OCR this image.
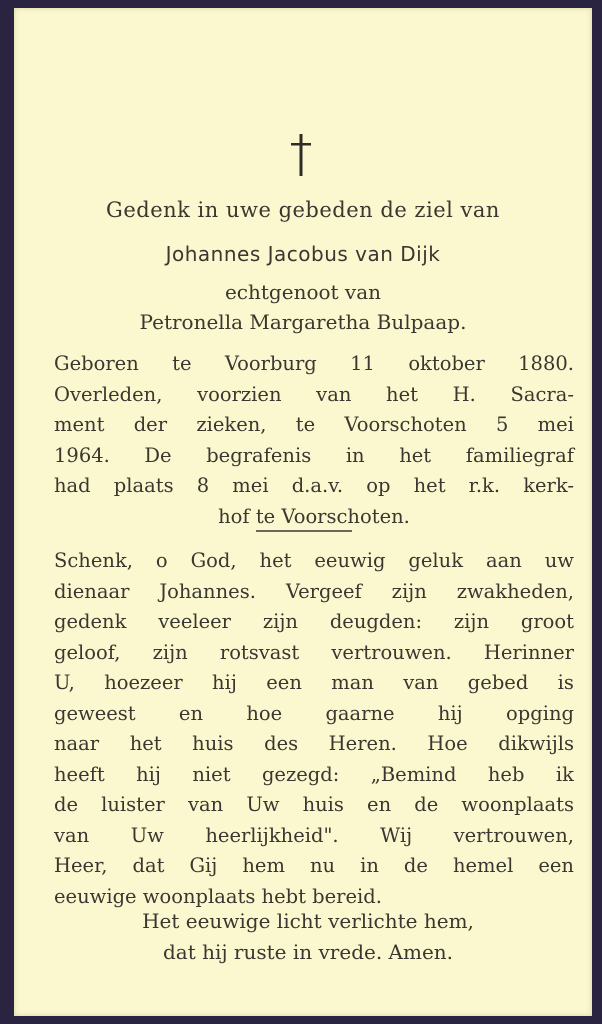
Gedenk in uwe gebeden de ziel van
Johannes Jacobus van Dijk
echtgenoot van
Petronella Margaretha Bulpaap.
Geboren te Voorburg 11 oktober 1880.
Overleden, voorzien van het H. Sacra-
ment der zieken, te Voorschoten 5 mei
1964. De begrafenis in het familiegraf
had plaats 8 mei d.a.v. op het r.k. kerk-
hof te Voorschoten.
Schenk, o God, het eeuwig geluk aan uw
dienaar Johannes. Vergeef zijn zwakheden,
gedenk veeleer zijn deugden: zijn groot
geloof, zijn rotsvast vertrouwen. Herinner
U, hoezeer hij een man van gebed is
geweest en hoe gaarne hij opging
naar het huis des Heren. Hoe dikwijls
heeft hij niet gezegd: „Bemind heb ik
de luister van Uw huis en de woonplaats
van Uw heerlijkheid". Wij vertrouwen,
Heer, dat Gij hem nu in de hemel een
eeuwige woonplaats hebt bereid.
Het eeuwige licht verlichte hem,
dat hij ruste in vrede. Amen.
